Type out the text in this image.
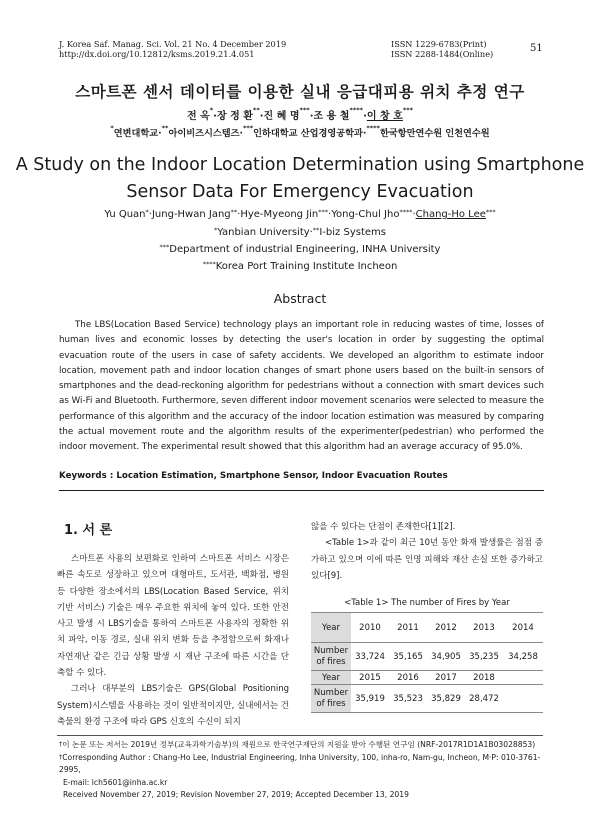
J. Korea Saf. Manag. Sci. Vol. 21 No. 4 December 2019
http://dx.doi.org/10.12812/ksms.2019.21.4.051
ISSN 1229-6783(Print)
ISSN 2288-1484(Online)	51
스마트폰 센서 데이터를 이용한 실내 응급대피용 위치 추정 연구
전 옥*·장 정 환**·진 혜 명***·조 용 철****·이 창 호***
*연변대학교·**아이비즈시스템즈·***인하대학교 산업경영공학과·****한국항만연수원 인천연수원
A Study on the Indoor Location Determination using Smartphone
Sensor Data For Emergency Evacuation
Yu Quan*·Jung-Hwan Jang**·Hye-Myeong Jin***·Yong-Chul Jho****·Chang-Ho Lee***
*Yanbian University·**I-biz Systems
***Department of industrial Engineering, INHA University
****Korea Port Training Institute Incheon
Abstract
The LBS(Location Based Service) technology plays an important role in reducing wastes of time, losses of human lives and economic losses by detecting the user's location in order by suggesting the optimal evacuation route of the users in case of safety accidents. We developed an algorithm to estimate indoor location, movement path and indoor location changes of smart phone users based on the built-in sensors of smartphones and the dead-reckoning algorithm for pedestrians without a connection with smart devices such as Wi-Fi and Bluetooth. Furthermore, seven different indoor movement scenarios were selected to measure the performance of this algorithm and the accuracy of the indoor location estimation was measured by comparing the actual movement route and the algorithm results of the experimenter(pedestrian) who performed the indoor movement. The experimental result showed that this algorithm had an average accuracy of 95.0%.
Keywords : Location Estimation, Smartphone Sensor, Indoor Evacuation Routes
1. 서 론

스마트폰 사용의 보편화로 인하여 스마트폰 서비스 시장은 빠른 속도로 성장하고 있으며 대형마트, 도서관, 백화점, 병원 등 다양한 장소에서의 LBS(Location Based Service, 위치 기반 서비스) 기술은 매우 주요한 위치에 놓여 있다. 또한 안전사고 발생 시 LBS기술을 통하여 스마트폰 사용자의 정확한 위치 파악, 이동 경로, 실내 위치 변화 등을 추정함으로써 화재나 자연재난 같은 긴급 상황 발생 시 재난 구조에 따른 시간을 단축할 수 있다.

그러나 대부분의 LBS기술은 GPS(Global Positioning System)시스템을 사용하는 것이 일반적이지만, 실내에서는 건축물의 환경 구조에 따라 GPS 신호의 수신이 되지

않을 수 있다는 단점이 존재한다[1][2].

<Table 1>과 같이 최근 10년 동안 화재 발생률은 점점 증가하고 있으며 이에 따른 인명 피해와 재산 손실 또한 증가하고 있다[9].

<Table 1> The number of Fires by Year
Year	2010	2011	2012	2013	2014
Number of fires	33,724	35,165	34,905	35,235	34,258
Year	2015	2016	2017	2018	
Number of fires	35,919	35,523	35,829	28,472	
†이 논문 또는 저서는 2019년 정부(교육과학기술부)의 재원으로 한국연구재단의 지원을 받아 수행된 연구임 (NRF-2017R1D1A1B03028853)
†Corresponding Author : Chang-Ho Lee, Industrial Engineering, Inha University, 100, inha-ro, Nam-gu, Incheon, M·P: 010-3761-2995,
E-mail: lch5601@inha.ac.kr
Received November 27, 2019; Revision November 27, 2019; Accepted December 13, 2019
